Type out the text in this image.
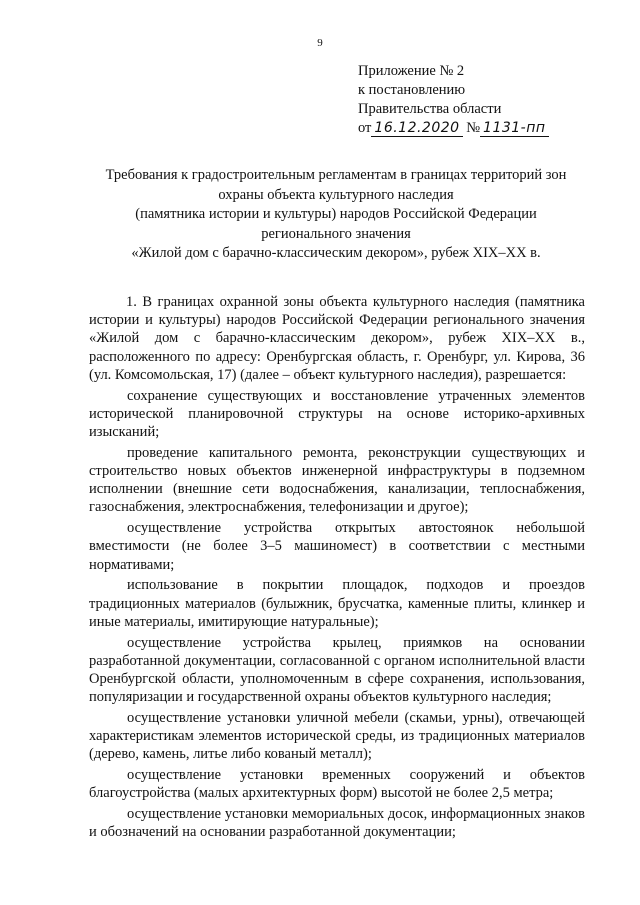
9
Приложение № 2
к постановлению
Правительства области
от 16.12.2020 № 1131-пп
Требования к градостроительным регламентам в границах территорий зон
охраны объекта культурного наследия
(памятника истории и культуры) народов Российской Федерации
регионального значения
«Жилой дом с барачно-классическим декором», рубеж XIX–XX в.

1. В границах охранной зоны объекта культурного наследия (памятника истории и культуры) народов Российской Федерации регионального значения «Жилой дом с барачно-классическим декором», рубеж XIX–XX в., расположенного по адресу: Оренбургская область, г. Оренбург, ул. Кирова, 36 (ул. Комсомольская, 17) (далее – объект культурного наследия), разрешается:

сохранение существующих и восстановление утраченных элементов исторической планировочной структуры на основе историко-архивных изысканий;

проведение капитального ремонта, реконструкции существующих и строительство новых объектов инженерной инфраструктуры в подземном исполнении (внешние сети водоснабжения, канализации, теплоснабжения, газоснабжения, электроснабжения, телефонизации и другое);

осуществление устройства открытых автостоянок небольшой вместимости (не более 3–5 машиномест) в соответствии с местными нормативами;

использование в покрытии площадок, подходов и проездов традиционных материалов (булыжник, брусчатка, каменные плиты, клинкер и иные материалы, имитирующие натуральные);

осуществление устройства крылец, приямков на основании разработанной документации, согласованной с органом исполнительной власти Оренбургской области, уполномоченным в сфере сохранения, использования, популяризации и государственной охраны объектов культурного наследия;

осуществление установки уличной мебели (скамьи, урны), отвечающей характеристикам элементов исторической среды, из традиционных материалов (дерево, камень, литье либо кованый металл);

осуществление установки временных сооружений и объектов благоустройства (малых архитектурных форм) высотой не более 2,5 метра;

осуществление установки мемориальных досок, информационных знаков и обозначений на основании разработанной документации;
